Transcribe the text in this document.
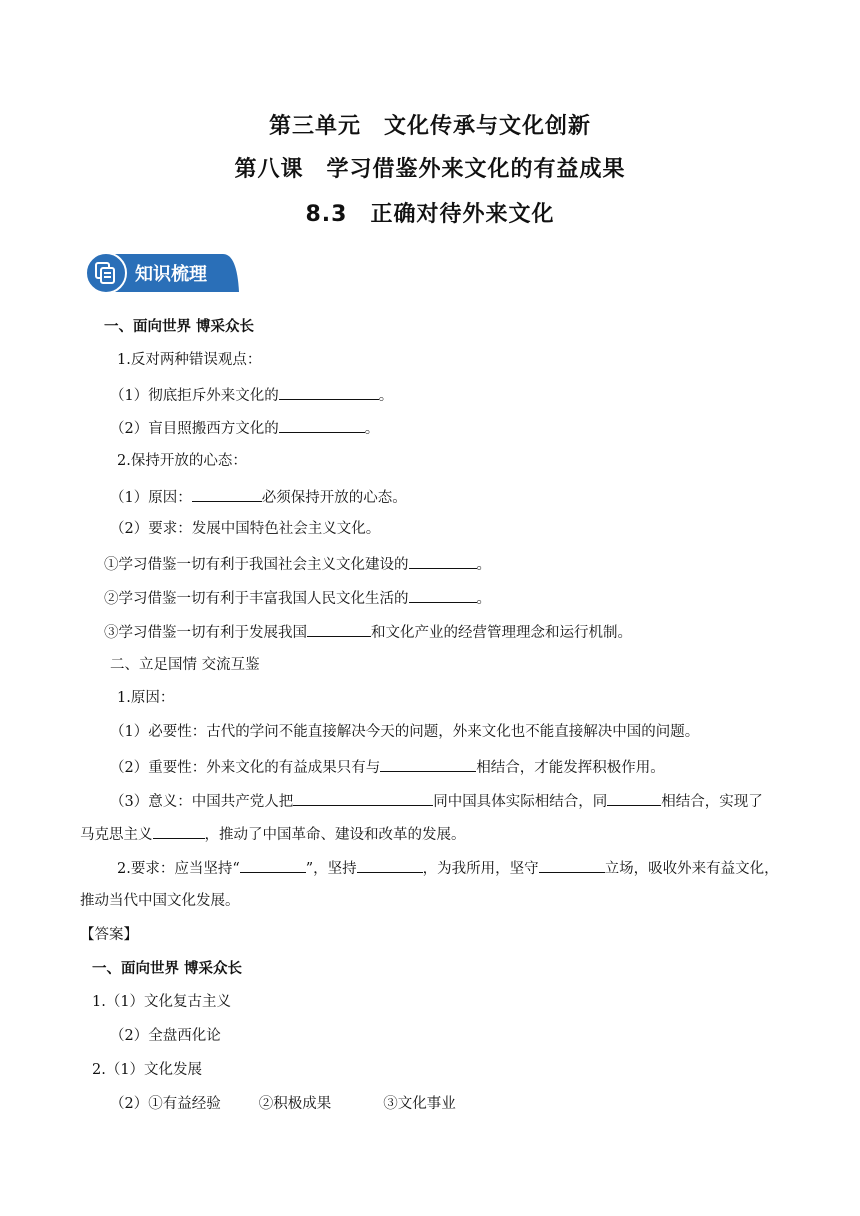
第三单元　文化传承与文化创新
第八课　学习借鉴外来文化的有益成果
8.3　正确对待外来文化
知识梳理
一、面向世界 博采众长
1.反对两种错误观点：
（1）彻底拒斥外来文化的	。
（2）盲目照搬西方文化的	。
2.保持开放的心态：
（1）原因：	必须保持开放的心态。
（2）要求：发展中国特色社会主义文化。
①学习借鉴一切有利于我国社会主义文化建设的	。
②学习借鉴一切有利于丰富我国人民文化生活的	。
③学习借鉴一切有利于发展我国	和文化产业的经营管理理念和运行机制。
二、立足国情 交流互鉴
1.原因：
（1）必要性：古代的学问不能直接解决今天的问题，外来文化也不能直接解决中国的问题。
（2）重要性：外来文化的有益成果只有与	相结合，才能发挥积极作用。
（3）意义：中国共产党人把	同中国具体实际相结合，同	相结合，实现了
马克思主义	，推动了中国革命、建设和改革的发展。
2.要求：应当坚持“	”，坚持	，为我所用，坚守	立场，吸收外来有益文化，
推动当代中国文化发展。
【答案】
一、面向世界 博采众长
1.（1）文化复古主义
（2）全盘西化论
2.（1）文化发展
（2）①有益经验	②积极成果	③文化事业
